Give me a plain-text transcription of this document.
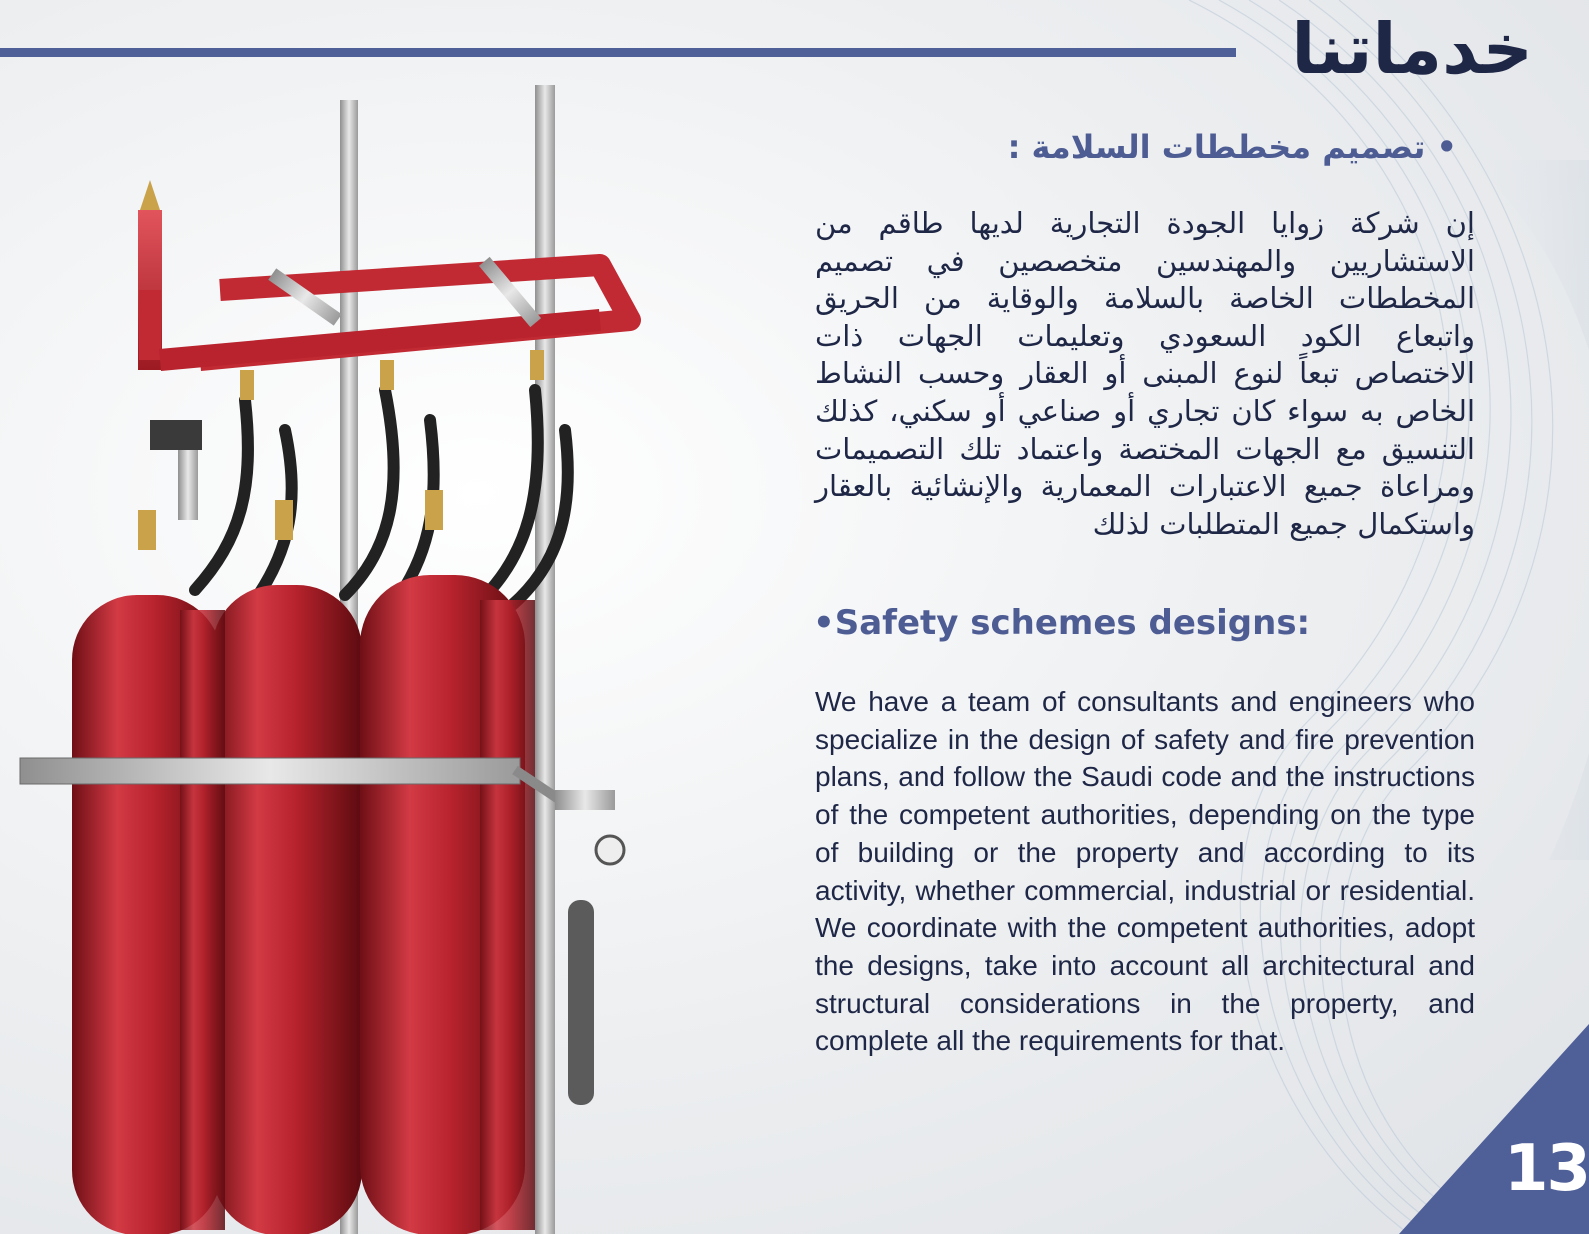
خدماتنا
• تصميم مخططات السلامة :
إن شركة زوايا الجودة التجارية لديها طاقم من الاستشاريين والمهندسين متخصصين في تصميم المخططات الخاصة بالسلامة والوقاية من الحريق واتبعاع الكود السعودي وتعليمات الجهات ذات الاختصاص تبعاً لنوع المبنى أو العقار وحسب النشاط الخاص به سواء كان تجاري أو صناعي أو سكني، كذلك التنسيق مع الجهات المختصة واعتماد تلك التصميمات ومراعاة جميع الاعتبارات المعمارية والإنشائية بالعقار واستكمال جميع المتطلبات لذلك
•Safety schemes designs:
We have a team of consultants and engineers who specialize in the design of safety and fire prevention plans, and follow the Saudi code and the instructions of the competent authorities, depending on the type of building or the property and according to its activity, whether commercial, industrial or residential. We coordinate with the competent authorities, adopt the designs, take into account all architectural and structural considerations in the property, and complete all the requirements for that.
13
